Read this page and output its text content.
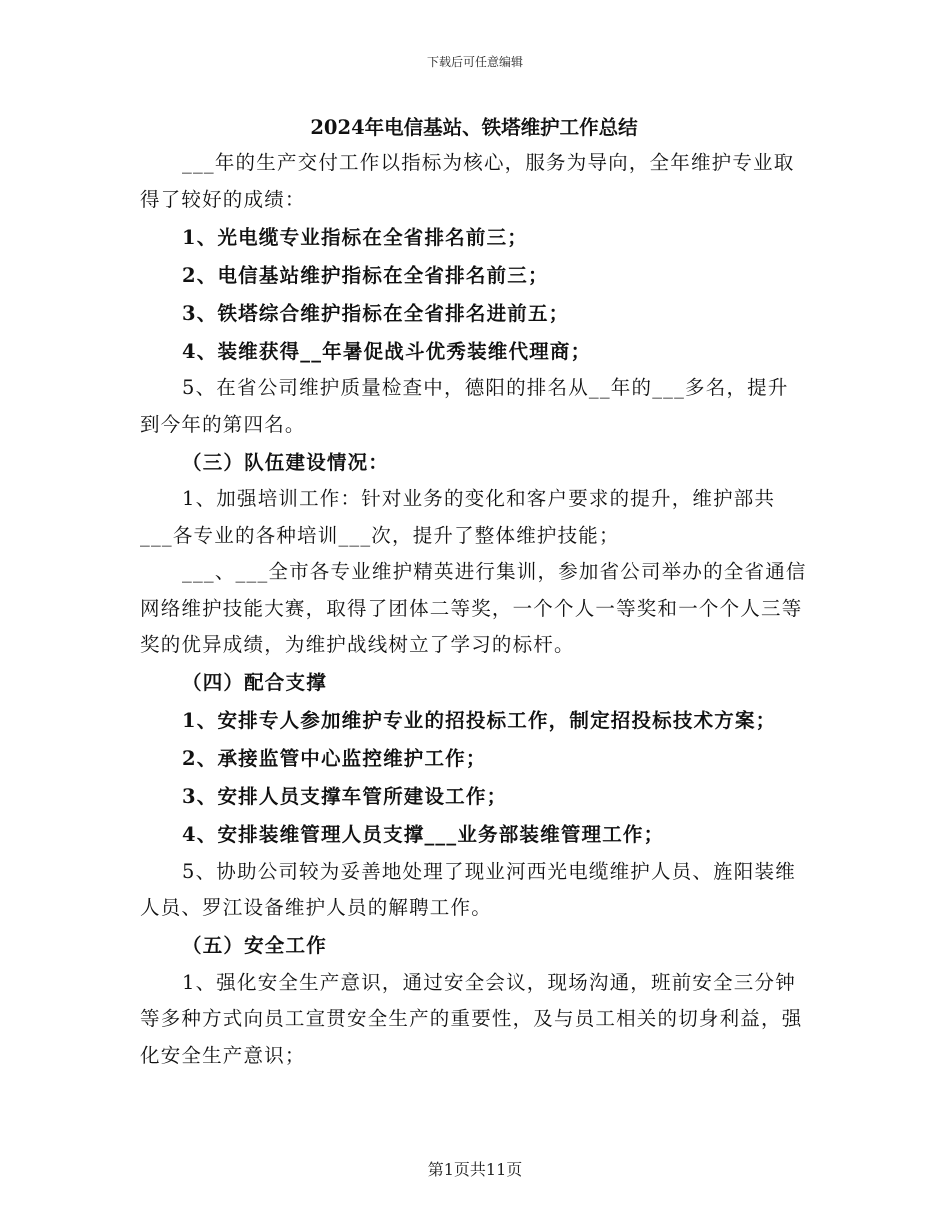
下载后可任意编辑
2024年电信基站、铁塔维护工作总结

___年的生产交付工作以指标为核心，服务为导向，全年维护专业取得了较好的成绩：

1、光电缆专业指标在全省排名前三；

2、电信基站维护指标在全省排名前三；

3、铁塔综合维护指标在全省排名进前五；

4、装维获得__年暑促战斗优秀装维代理商；

5、在省公司维护质量检查中，德阳的排名从__年的___多名，提升到今年的第四名。

（三）队伍建设情况：

1、加强培训工作：针对业务的变化和客户要求的提升，维护部共___各专业的各种培训___次，提升了整体维护技能；

___、___全市各专业维护精英进行集训，参加省公司举办的全省通信网络维护技能大赛，取得了团体二等奖，一个个人一等奖和一个个人三等奖的优异成绩，为维护战线树立了学习的标杆。

（四）配合支撑

1、安排专人参加维护专业的招投标工作，制定招投标技术方案；

2、承接监管中心监控维护工作；

3、安排人员支撑车管所建设工作；

4、安排装维管理人员支撑___业务部装维管理工作；

5、协助公司较为妥善地处理了现业河西光电缆维护人员、旌阳装维人员、罗江设备维护人员的解聘工作。

（五）安全工作

1、强化安全生产意识，通过安全会议，现场沟通，班前安全三分钟等多种方式向员工宣贯安全生产的重要性，及与员工相关的切身利益，强化安全生产意识；

第1页共11页
